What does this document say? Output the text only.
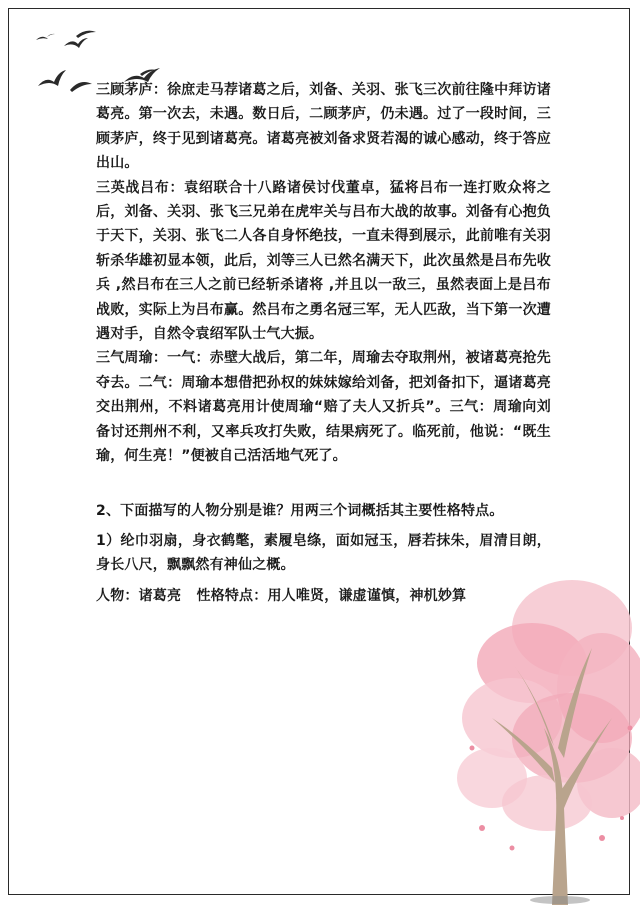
三顾茅庐：徐庶走马荐诸葛之后，刘备、关羽、张飞三次前往隆中拜访诸葛亮。第一次去，未遇。数日后，二顾茅庐，仍未遇。过了一段时间，三顾茅庐，终于见到诸葛亮。诸葛亮被刘备求贤若渴的诚心感动，终于答应出山。

三英战吕布：袁绍联合十八路诸侯讨伐董卓，猛将吕布一连打败众将之后，刘备、关羽、张飞三兄弟在虎牢关与吕布大战的故事。刘备有心抱负于天下，关羽、张飞二人各自身怀绝技，一直未得到展示，此前唯有关羽斩杀华雄初显本领，此后，刘等三人已然名满天下，此次虽然是吕布先收兵 ,然吕布在三人之前已经斩杀诸将 ,并且以一敌三，虽然表面上是吕布战败，实际上为吕布赢。然吕布之勇名冠三军，无人匹敌，当下第一次遭遇对手，自然令袁绍军队士气大振。

三气周瑜：一气：赤壁大战后，第二年，周瑜去夺取荆州，被诸葛亮抢先夺去。二气：周瑜本想借把孙权的妹妹嫁给刘备，把刘备扣下，逼诸葛亮交出荆州，不料诸葛亮用计使周瑜“赔了夫人又折兵”。三气：周瑜向刘备讨还荆州不利，又率兵攻打失败，结果病死了。临死前，他说：“既生瑜，何生亮！”便被自己活活地气死了。

2、下面描写的人物分别是谁？用两三个词概括其主要性格特点。

1）纶巾羽扇，身衣鹤氅，素履皂绦，面如冠玉，唇若抹朱，眉清目朗，身长八尺，飘飘然有神仙之概。

人物：诸葛亮 性格特点：用人唯贤，谦虚谨慎，神机妙算
